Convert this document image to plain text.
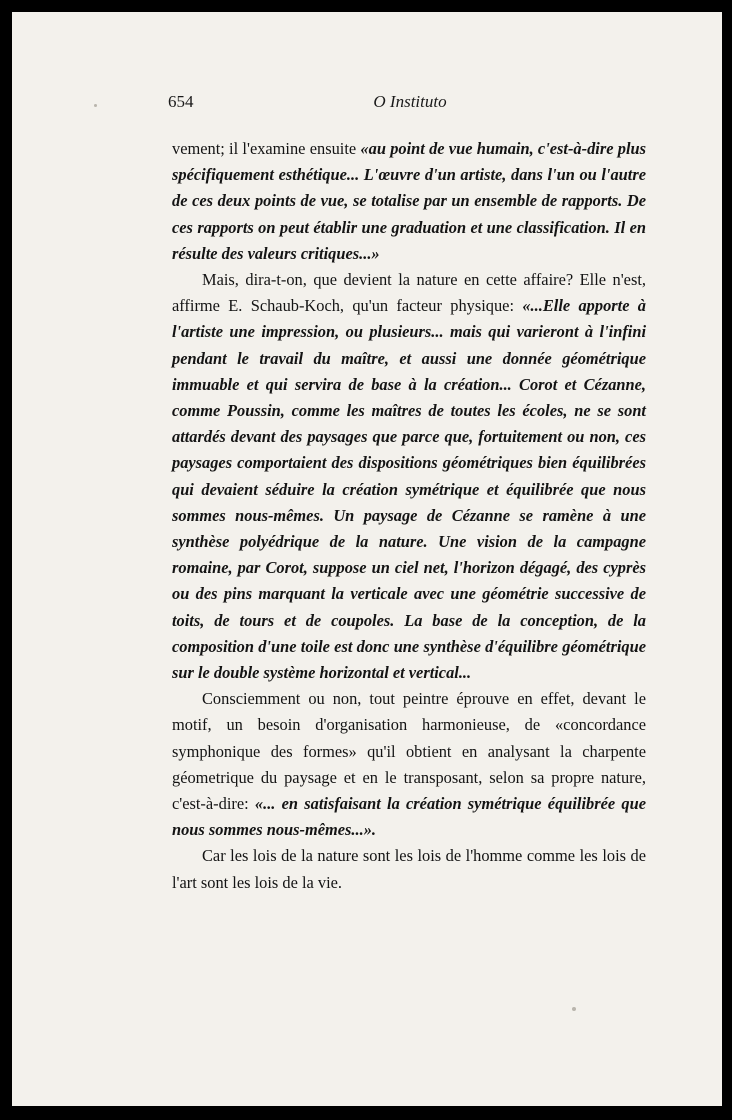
654	O Instituto

vement; il l'examine ensuite «au point de vue humain, c'est-à-dire plus spécifiquement esthétique... L'œuvre d'un artiste, dans l'un ou l'autre de ces deux points de vue, se totalise par un ensemble de rapports. De ces rapports on peut établir une graduation et une classification. Il en résulte des valeurs critiques...»

Mais, dira-t-on, que devient la nature en cette affaire? Elle n'est, affirme E. Schaub-Koch, qu'un facteur physique: «...Elle apporte à l'artiste une impression, ou plusieurs... mais qui varieront à l'infini pendant le travail du maître, et aussi une donnée géométrique immuable et qui servira de base à la création... Corot et Cézanne, comme Poussin, comme les maîtres de toutes les écoles, ne se sont attardés devant des paysages que parce que, fortuitement ou non, ces paysages comportaient des dispositions géométriques bien équilibrées qui devaient séduire la création symétrique et équilibrée que nous sommes nous-mêmes. Un paysage de Cézanne se ramène à une synthèse polyédrique de la nature. Une vision de la campagne romaine, par Corot, suppose un ciel net, l'horizon dégagé, des cyprès ou des pins marquant la verticale avec une géométrie successive de toits, de tours et de coupoles. La base de la conception, de la composition d'une toile est donc une synthèse d'équilibre géométrique sur le double système horizontal et vertical...

Consciemment ou non, tout peintre éprouve en effet, devant le motif, un besoin d'organisation harmonieuse, de «concordance symphonique des formes» qu'il obtient en analysant la charpente géometrique du paysage et en le transposant, selon sa propre nature, c'est-à-dire: «... en satisfaisant la création symétrique équilibrée que nous sommes nous-mêmes...».

Car les lois de la nature sont les lois de l'homme comme les lois de l'art sont les lois de la vie.
